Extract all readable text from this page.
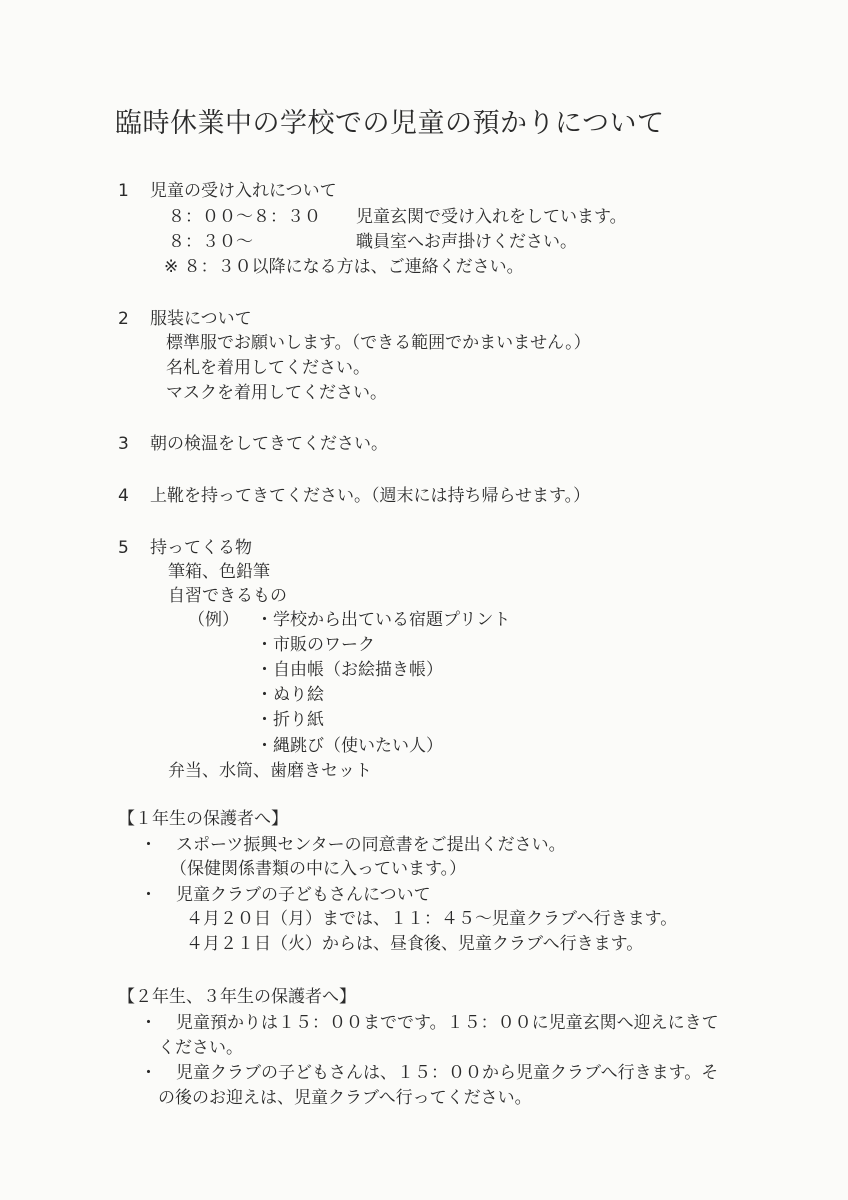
臨時休業中の学校での児童の預かりについて
1 児童の受け入れについて
８：００～８：３０ 児童玄関で受け入れをしています。
８：３０～	職員室へお声掛けください。
※ ８：３０以降になる方は、ご連絡ください。
2 服装について
標準服でお願いします。（できる範囲でかまいません。）
名札を着用してください。
マスクを着用してください。
3 朝の検温をしてきてください。
4 上靴を持ってきてください。（週末には持ち帰らせます。）
5 持ってくる物
筆箱、色鉛筆
自習できるもの
（例） ・学校から出ている宿題プリント
・市販のワーク
・自由帳（お絵描き帳）
・ぬり絵
・折り紙
・縄跳び（使いたい人）
弁当、水筒、歯磨きセット
【１年生の保護者へ】
・ スポーツ振興センターの同意書をご提出ください。
（保健関係書類の中に入っています。）
・ 児童クラブの子どもさんについて
４月２０日（月）までは、１１：４５～児童クラブへ行きます。
４月２１日（火）からは、昼食後、児童クラブへ行きます。
【２年生、３年生の保護者へ】
・ 児童預かりは１５：００までです。１５：００に児童玄関へ迎えにきて
ください。
・ 児童クラブの子どもさんは、１５：００から児童クラブへ行きます。そ
の後のお迎えは、児童クラブへ行ってください。
